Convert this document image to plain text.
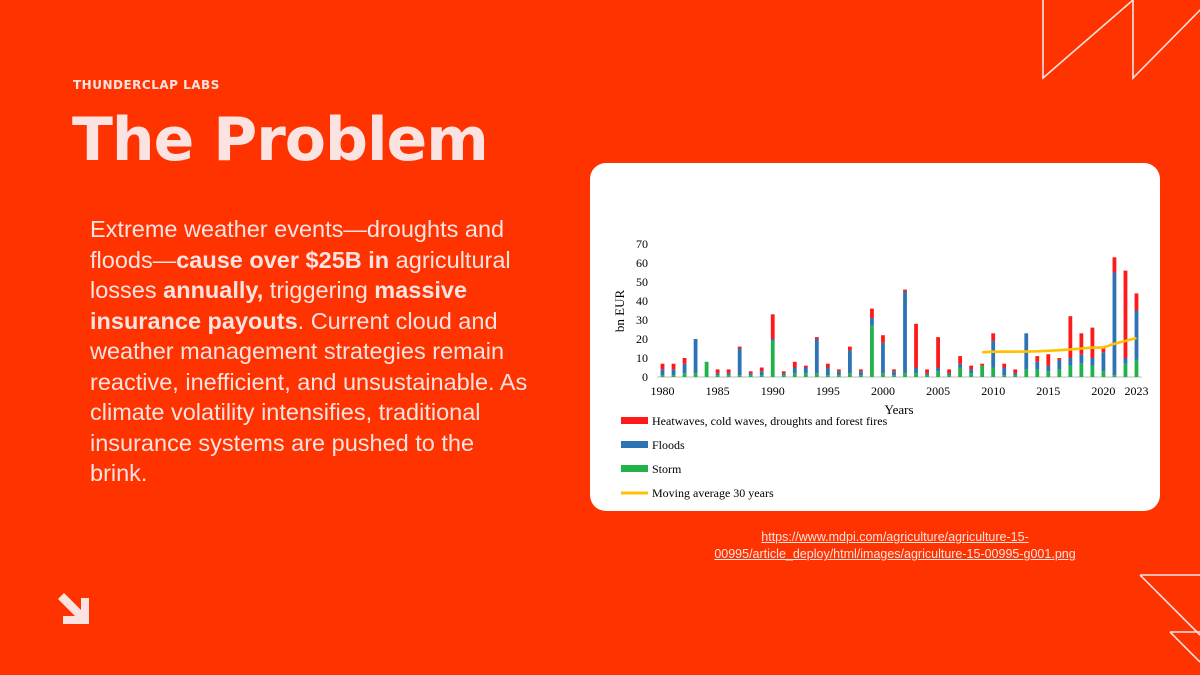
THUNDERCLAP LABS
The Problem
Extreme weather events—droughts and floods—cause over $25B in agricultural losses annually, triggering massive insurance payouts. Current cloud and weather management strategies remain reactive, inefficient, and unsustainable. As climate volatility intensifies, traditional insurance systems are pushed to the brink.
0
10
20
30
40
50
60
70
1980	1985	1990	1995	2000	2005	2010	2015	2020 2023
Years
bn EUR
Heatwaves, cold waves, droughts and forest fires
Floods
Storm
Moving average 30 years
https://www.mdpi.com/agriculture/agriculture-15-00995/article_deploy/html/images/agriculture-15-00995-g001.png
